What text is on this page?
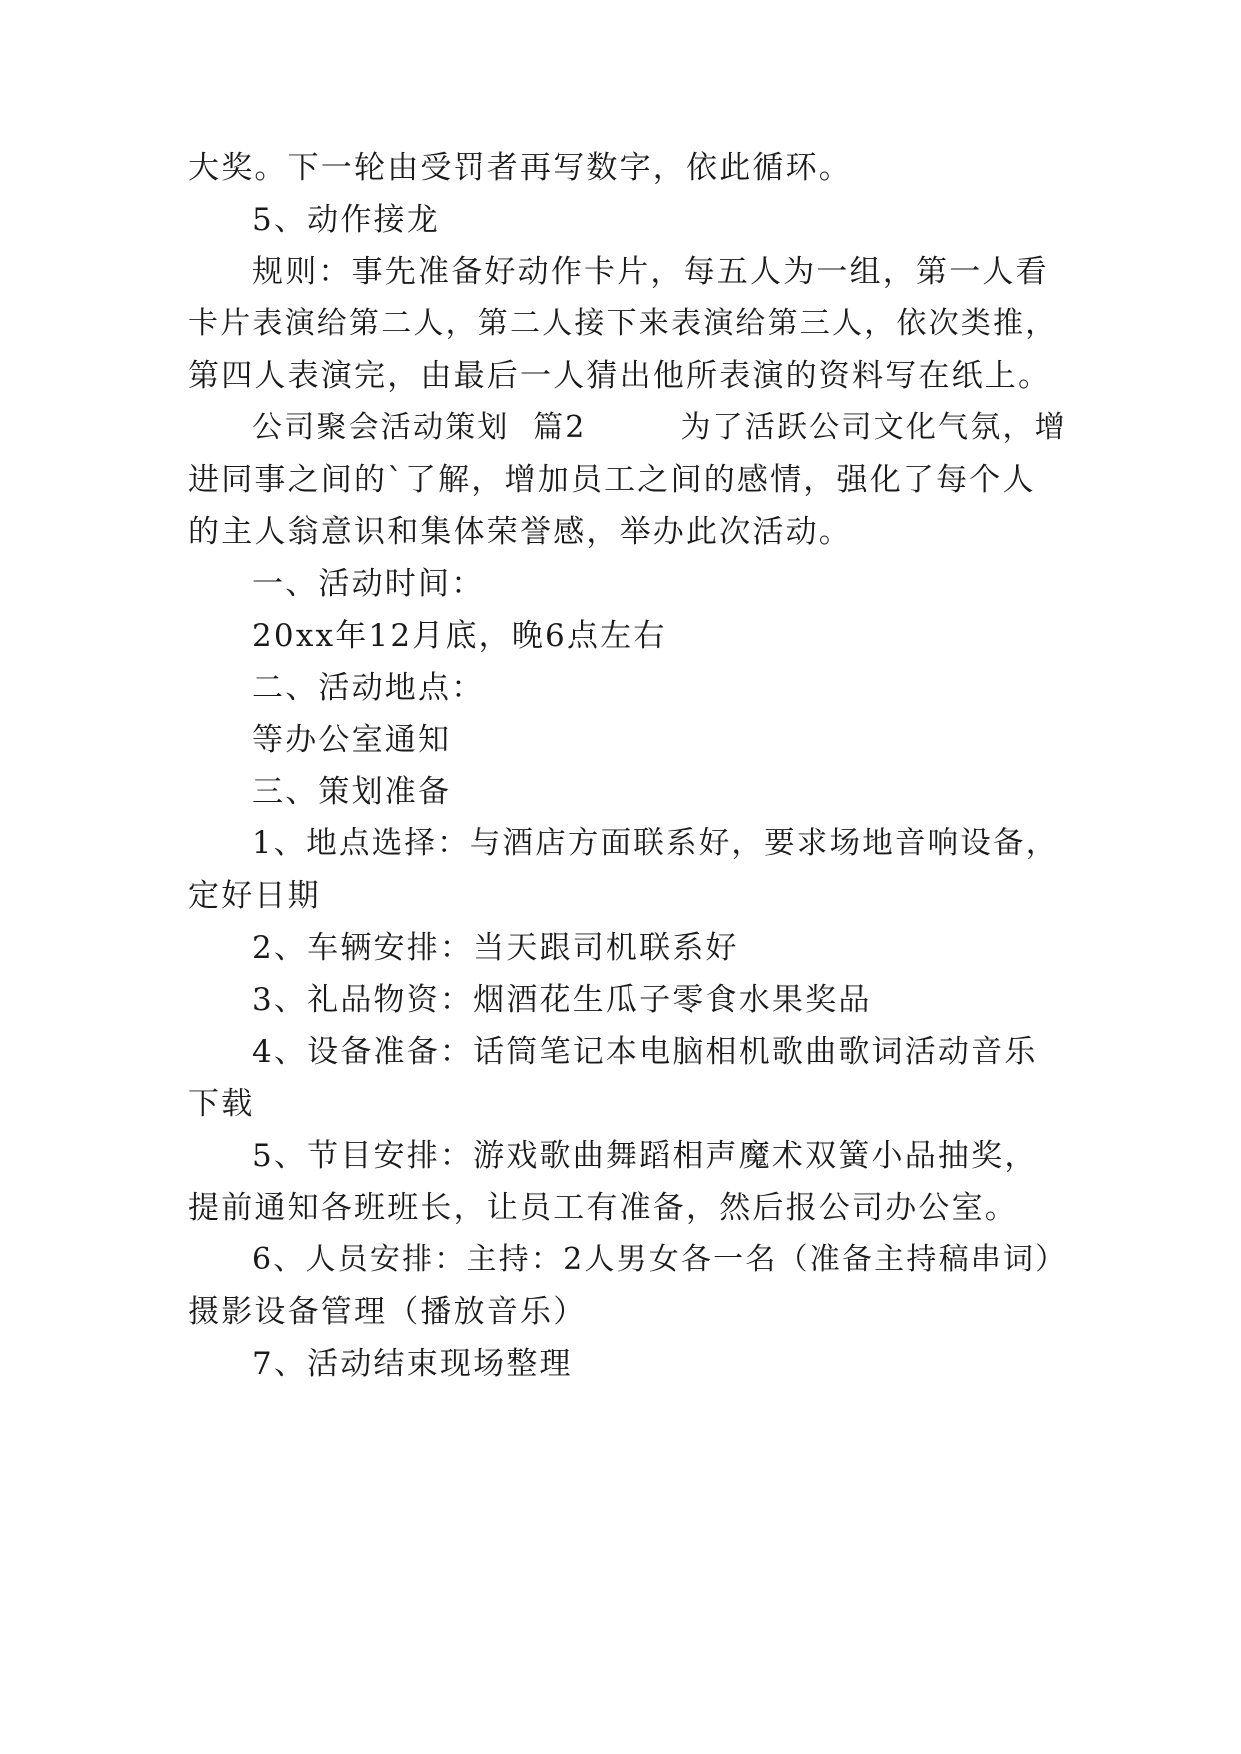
大奖。下一轮由受罚者再写数字，依此循环。
5、动作接龙
规则：事先准备好动作卡片，每五人为一组，第一人看
卡片表演给第二人，第二人接下来表演给第三人，依次类推，
第四人表演完，由最后一人猜出他所表演的资料写在纸上。
公司聚会活动策划  篇2        为了活跃公司文化气氛，增
进同事之间的`了解，增加员工之间的感情，强化了每个人
的主人翁意识和集体荣誉感，举办此次活动。
一、活动时间：
20xx年12月底，晚6点左右
二、活动地点：
等办公室通知
三、策划准备
1、地点选择：与酒店方面联系好，要求场地音响设备，
定好日期
2、车辆安排：当天跟司机联系好
3、礼品物资：烟酒花生瓜子零食水果奖品
4、设备准备：话筒笔记本电脑相机歌曲歌词活动音乐
下载
5、节目安排：游戏歌曲舞蹈相声魔术双簧小品抽奖，
提前通知各班班长，让员工有准备，然后报公司办公室。
6、人员安排：主持：2人男女各一名（准备主持稿串词）
摄影设备管理（播放音乐）
7、活动结束现场整理
